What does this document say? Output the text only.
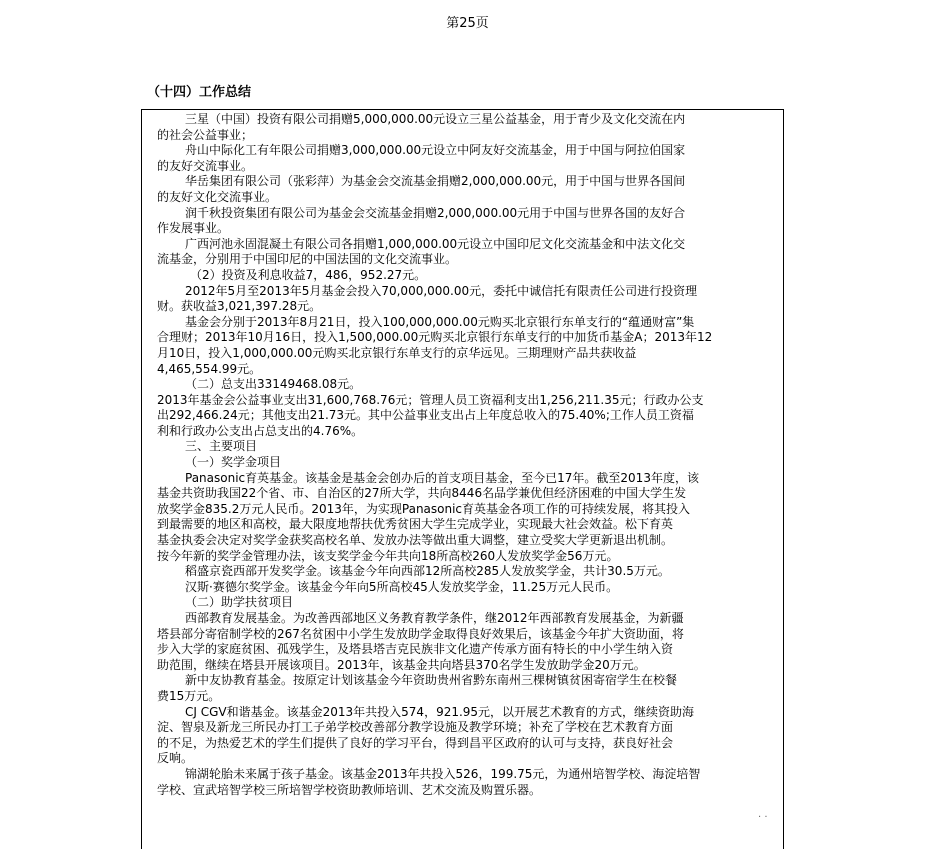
第25页
（十四）工作总结

三星（中国）投资有限公司捐赠5,000,000.00元设立三星公益基金，用于青少及文化交流在内

的社会公益事业；

舟山中际化工有年限公司捐赠3,000,000.00元设立中阿友好交流基金，用于中国与阿拉伯国家

的友好交流事业。

华岳集团有限公司（张彩萍）为基金会交流基金捐赠2,000,000.00元，用于中国与世界各国间

的友好文化交流事业。

润千秋投资集团有限公司为基金会交流基金捐赠2,000,000.00元用于中国与世界各国的友好合

作发展事业。

广西河池永固混凝土有限公司各捐赠1,000,000.00元设立中国印尼文化交流基金和中法文化交

流基金，分别用于中国印尼的中国法国的文化交流事业。

（2）投资及利息收益7，486，952.27元。

2012年5月至2013年5月基金会投入70,000,000.00元，委托中诚信托有限责任公司进行投资理

财。获收益3,021,397.28元。

基金会分别于2013年8月21日，投入100,000,000.00元购买北京银行东单支行的“蕴通财富”集

合理财；2013年10月16日，投入1,500,000.00元购买北京银行东单支行的中加货币基金A；2013年12

月10日，投入1,000,000.00元购买北京银行东单支行的京华远见。三期理财产品共获收益

4,465,554.99元。

（二）总支出33149468.08元。

2013年基金会公益事业支出31,600,768.76元；管理人员工资福利支出1,256,211.35元；行政办公支

出292,466.24元；其他支出21.73元。其中公益事业支出占上年度总收入的75.40%;工作人员工资福

利和行政办公支出占总支出的4.76%。

三、主要项目

（一）奖学金项目

Panasonic育英基金。该基金是基金会创办后的首支项目基金，至今已17年。截至2013年度，该

基金共资助我国22个省、市、自治区的27所大学，共向8446名品学兼优但经济困难的中国大学生发

放奖学金835.2万元人民币。2013年，为实现Panasonic育英基金各项工作的可持续发展，将其投入

到最需要的地区和高校，最大限度地帮扶优秀贫困大学生完成学业，实现最大社会效益。松下育英

基金执委会决定对奖学金获奖高校名单、发放办法等做出重大调整，建立受奖大学更新退出机制。

按今年新的奖学金管理办法，该支奖学金今年共向18所高校260人发放奖学金56万元。

稻盛京瓷西部开发奖学金。该基金今年向西部12所高校285人发放奖学金，共计30.5万元。

汉斯·赛德尔奖学金。该基金今年向5所高校45人发放奖学金，11.25万元人民币。

（二）助学扶贫项目

西部教育发展基金。为改善西部地区义务教育教学条件，继2012年西部教育发展基金，为新疆

塔县部分寄宿制学校的267名贫困中小学生发放助学金取得良好效果后，该基金今年扩大资助面，将

步入大学的家庭贫困、孤残学生，及塔县塔吉克民族非文化遗产传承方面有特长的中小学生纳入资

助范围，继续在塔县开展该项目。2013年，该基金共向塔县370名学生发放助学金20万元。

新中友协教育基金。按原定计划该基金今年资助贵州省黔东南州三棵树镇贫困寄宿学生在校餐

费15万元。

CJ CGV和谐基金。该基金2013年共投入574，921.95元，以开展艺术教育的方式，继续资助海

淀、智泉及新龙三所民办打工子弟学校改善部分教学设施及教学环境；补充了学校在艺术教育方面

的不足，为热爱艺术的学生们提供了良好的学习平台，得到昌平区政府的认可与支持，获良好社会

反响。

锦湖轮胎未来属于孩子基金。该基金2013年共投入526，199.75元，为通州培智学校、海淀培智

学校、宣武培智学校三所培智学校资助教师培训、艺术交流及购置乐器。

· ·
